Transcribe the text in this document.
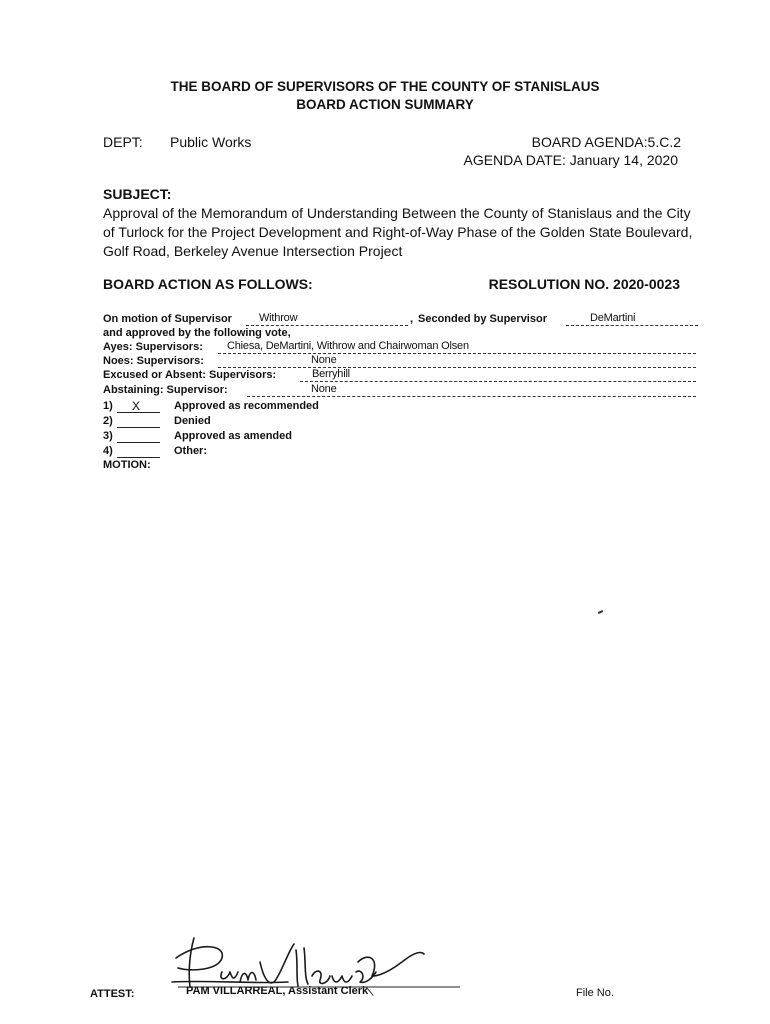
THE BOARD OF SUPERVISORS OF THE COUNTY OF STANISLAUS
BOARD ACTION SUMMARY
DEPT: Public Works	BOARD AGENDA:5.C.2
AGENDA DATE: January 14, 2020
SUBJECT:
Approval of the Memorandum of Understanding Between the County of Stanislaus and the City of Turlock for the Project Development and Right-of-Way Phase of the Golden State Boulevard, Golf Road, Berkeley Avenue Intersection Project
BOARD ACTION AS FOLLOWS:	RESOLUTION NO. 2020-0023
On motion of Supervisor Withrow	, Seconded by Supervisor	DeMartini
and approved by the following vote,
Ayes: Supervisors: Chiesa, DeMartini, Withrow and Chairwoman Olsen
Noes: Supervisors:	None
Excused or Absent: Supervisors:	Berryhill
Abstaining: Supervisor:	None
1) X	Approved as recommended
2)	Denied
3)	Approved as amended
4)	Other:
MOTION:
ATTEST:	PAM VILLARREAL, Assistant Clerk	File No.
